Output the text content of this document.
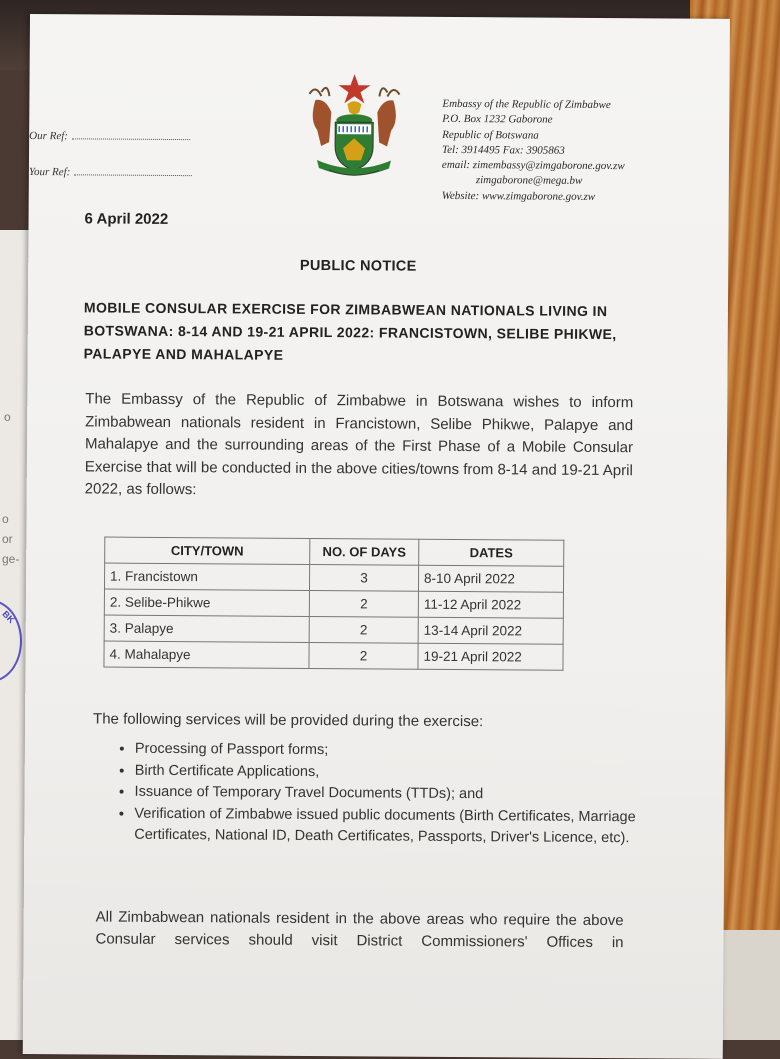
o
o
or
ge-
BK
Our Ref:
Your Ref:
Embassy of the Republic of Zimbabwe
P.O. Box 1232 Gaborone
Republic of Botswana
Tel: 3914495 Fax: 3905863
email: zimembassy@zimgaborone.gov.zw
zimgaborone@mega.bw
Website: www.zimgaborone.gov.zw
6 April 2022
PUBLIC NOTICE
MOBILE CONSULAR EXERCISE FOR ZIMBABWEAN NATIONALS LIVING IN BOTSWANA: 8-14 AND 19-21 APRIL 2022: FRANCISTOWN, SELIBE PHIKWE, PALAPYE AND MAHALAPYE
The Embassy of the Republic of Zimbabwe in Botswana wishes to inform Zimbabwean nationals resident in Francistown, Selibe Phikwe, Palapye and Mahalapye and the surrounding areas of the First Phase of a Mobile Consular Exercise that will be conducted in the above cities/towns from 8-14 and 19-21 April 2022, as follows:
CITY/TOWN	NO. OF DAYS	DATES
1. Francistown	3	8-10 April 2022
2. Selibe-Phikwe	2	11-12 April 2022
3. Palapye	2	13-14 April 2022
4. Mahalapye	2	19-21 April 2022
The following services will be provided during the exercise:
• Processing of Passport forms;
• Birth Certificate Applications,
• Issuance of Temporary Travel Documents (TTDs); and
• Verification of Zimbabwe issued public documents (Birth Certificates, Marriage Certificates, National ID, Death Certificates, Passports, Driver's Licence, etc).
All Zimbabwean nationals resident in the above areas who require the above Consular services should visit District Commissioners' Offices in
